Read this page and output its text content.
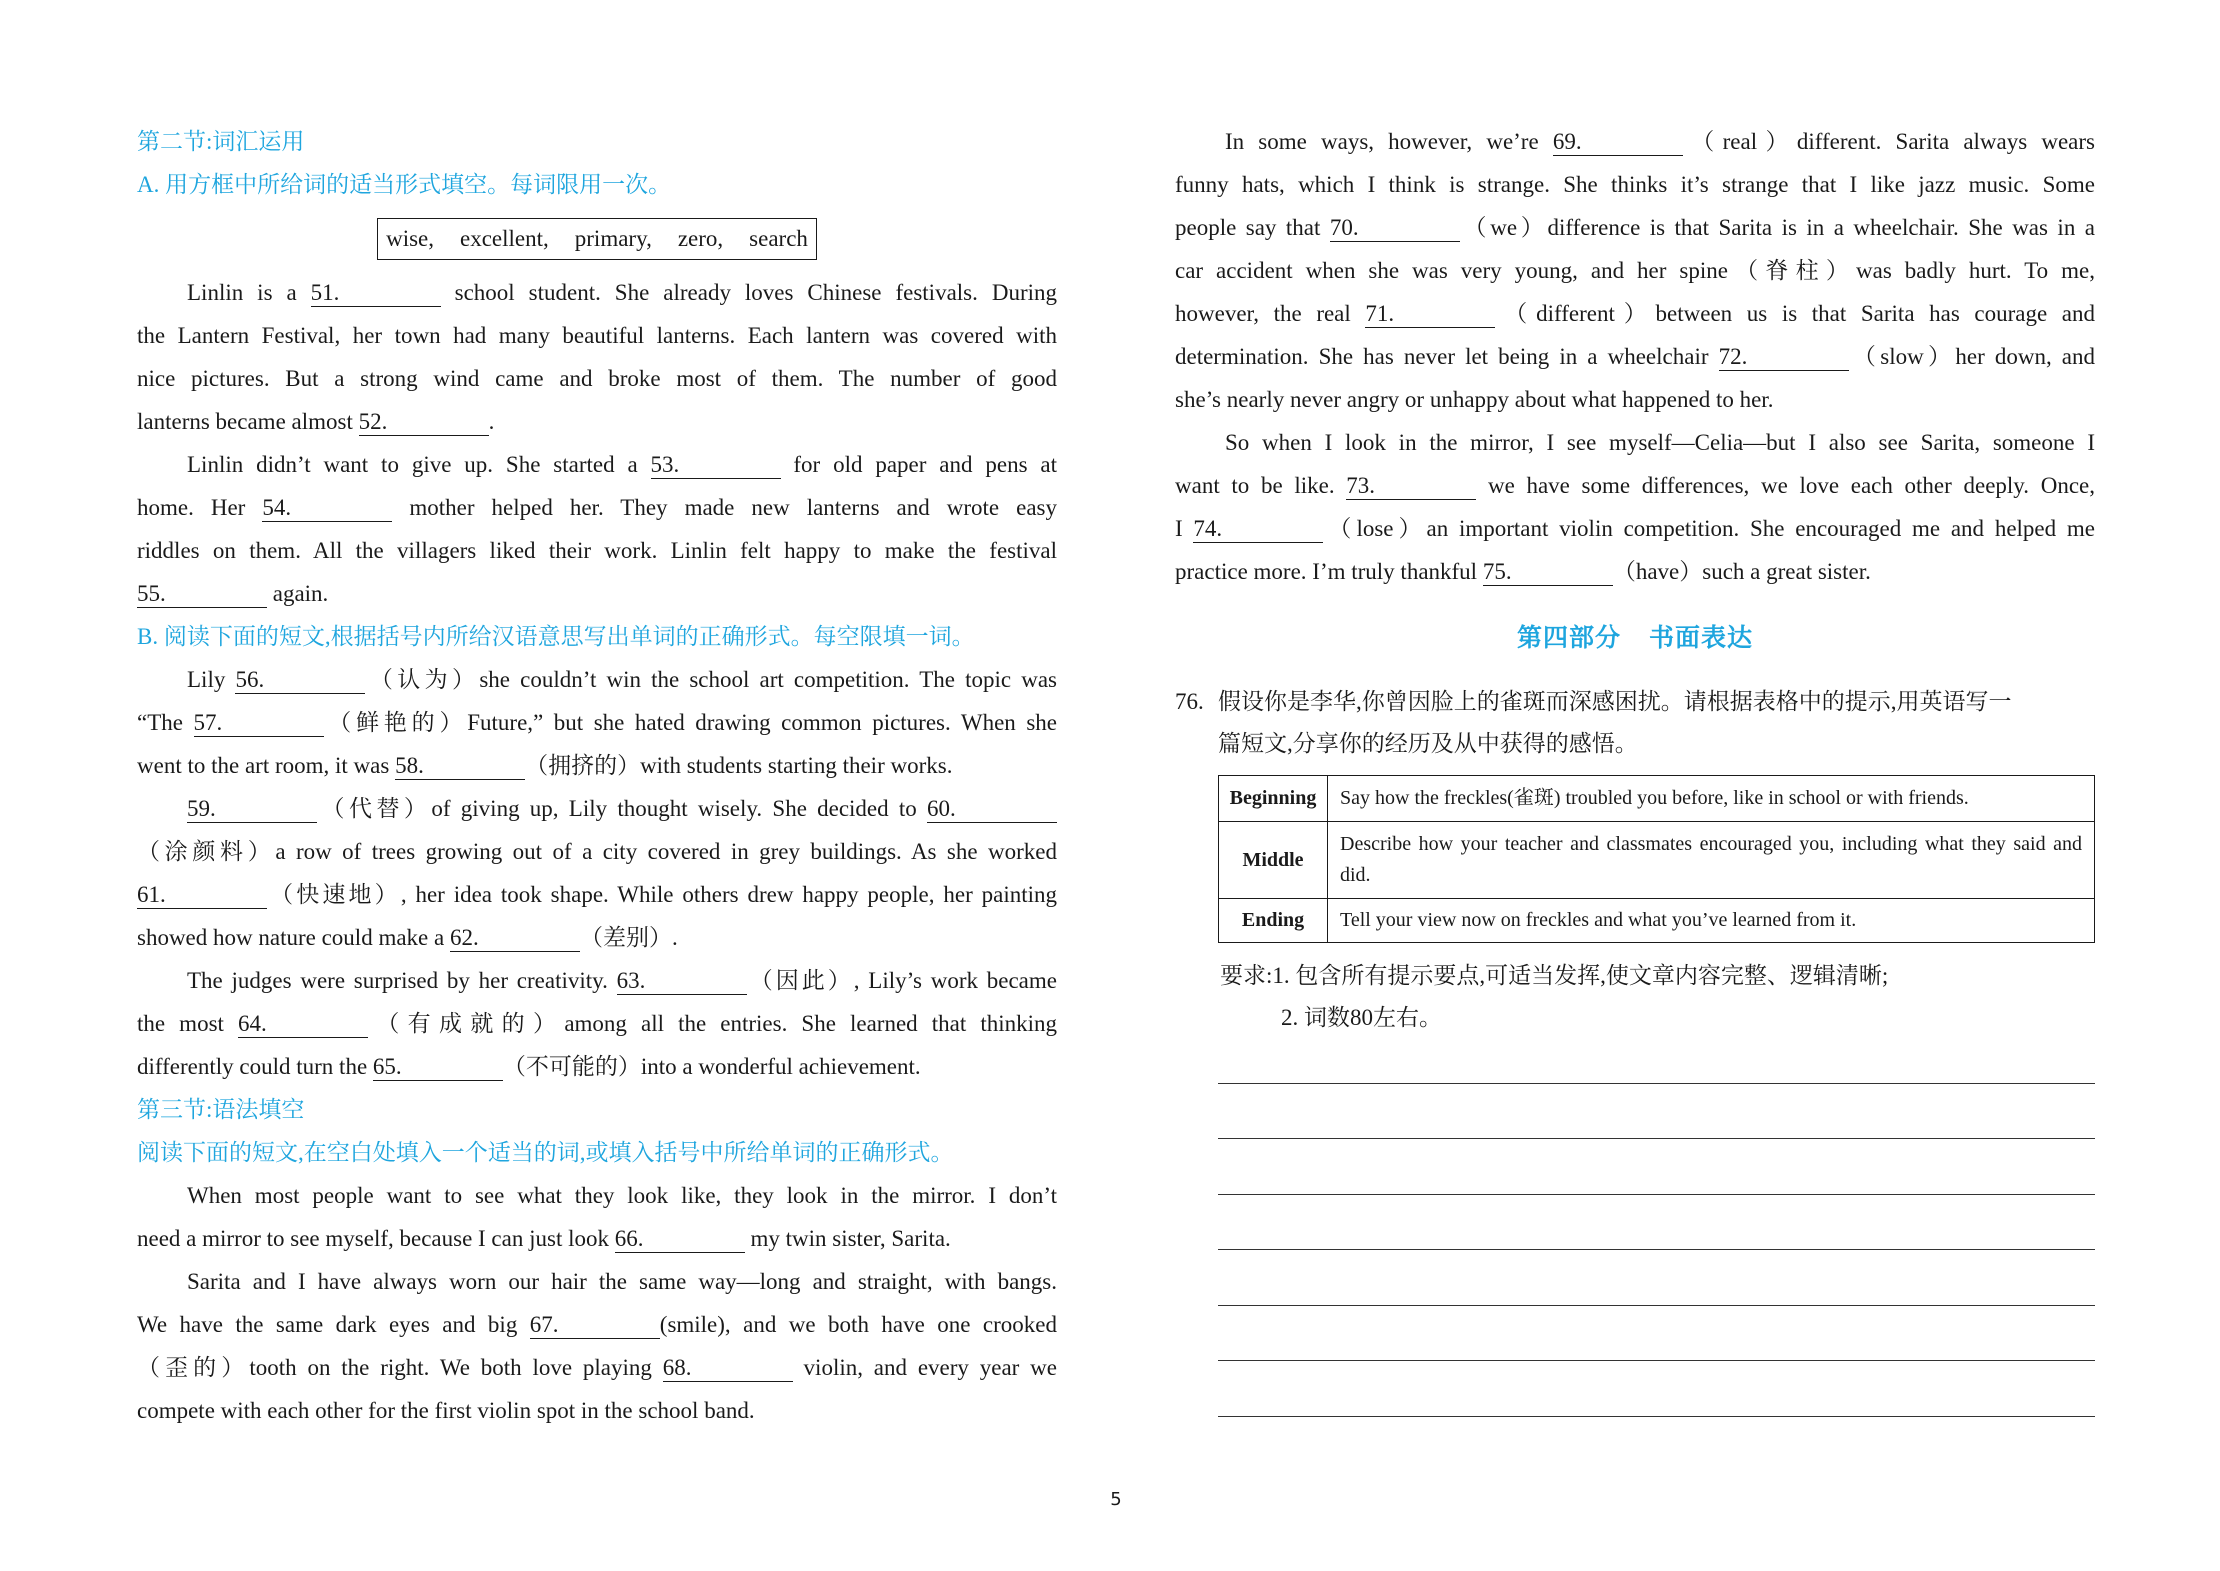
第二节:词汇运用
A. 用方框中所给词的适当形式填空。每词限用一次。
wise, excellent, primary, zero, search
Linlin is a 51.	school student. She already loves Chinese festivals. During
the Lantern Festival, her town had many beautiful lanterns. Each lantern was covered with
nice pictures. But a strong wind came and broke most of them. The number of good
lanterns became almost 52.	.
Linlin didn’t want to give up. She started a 53.	for old paper and pens at
home. Her 54.	mother helped her. They made new lanterns and wrote easy
riddles on them. All the villagers liked their work. Linlin felt happy to make the festival
55.	again.
B. 阅读下面的短文,根据括号内所给汉语意思写出单词的正确形式。每空限填一词。
Lily 56.	（认为）she couldn’t win the school art competition. The topic was
“The 57.	（鲜艳的）Future,” but she hated drawing common pictures. When she
went to the art room, it was 58.	（拥挤的）with students starting their works.
59.	（代替）of giving up, Lily thought wisely. She decided to 60.
（涂颜料）a row of trees growing out of a city covered in grey buildings. As she worked
61.	（快速地）, her idea took shape. While others drew happy people, her painting
showed how nature could make a 62.	（差别）.
The judges were surprised by her creativity. 63.	（因此）, Lily’s work became
the most 64.	（有成就的）among all the entries. She learned that thinking
differently could turn the 65.	（不可能的）into a wonderful achievement.
第三节:语法填空
阅读下面的短文,在空白处填入一个适当的词,或填入括号中所给单词的正确形式。
When most people want to see what they look like, they look in the mirror. I don’t
need a mirror to see myself, because I can just look 66.	my twin sister, Sarita.
Sarita and I have always worn our hair the same way—long and straight, with bangs.
We have the same dark eyes and big 67.	(smile), and we both have one crooked
（歪的）tooth on the right. We both love playing 68.	violin, and every year we
compete with each other for the first violin spot in the school band.
In some ways, however, we’re 69.	（real）different. Sarita always wears
funny hats, which I think is strange. She thinks it’s strange that I like jazz music. Some
people say that 70.	（we）difference is that Sarita is in a wheelchair. She was in a
car accident when she was very young, and her spine（脊柱）was badly hurt. To me,
however, the real 71.	（different）between us is that Sarita has courage and
determination. She has never let being in a wheelchair 72.	（slow）her down, and
she’s nearly never angry or unhappy about what happened to her.
So when I look in the mirror, I see myself—Celia—but I also see Sarita, someone I
want to be like. 73.	we have some differences, we love each other deeply. Once,
I 74.	（lose）an important violin competition. She encouraged me and helped me
practice more. I’m truly thankful 75.	（have）such a great sister.
第四部分 书面表达
76. 假设你是李华,你曾因脸上的雀斑而深感困扰。请根据表格中的提示,用英语写一
篇短文,分享你的经历及从中获得的感悟。
Beginning	Say how the freckles(雀斑) troubled you before, like in school or with friends.
Middle	Describe how your teacher and classmates encouraged you, including what they said and did.
Ending	Tell your view now on freckles and what you’ve learned from it.
要求:1. 包含所有提示要点,可适当发挥,使文章内容完整、逻辑清晰;
2. 词数80左右。
5
